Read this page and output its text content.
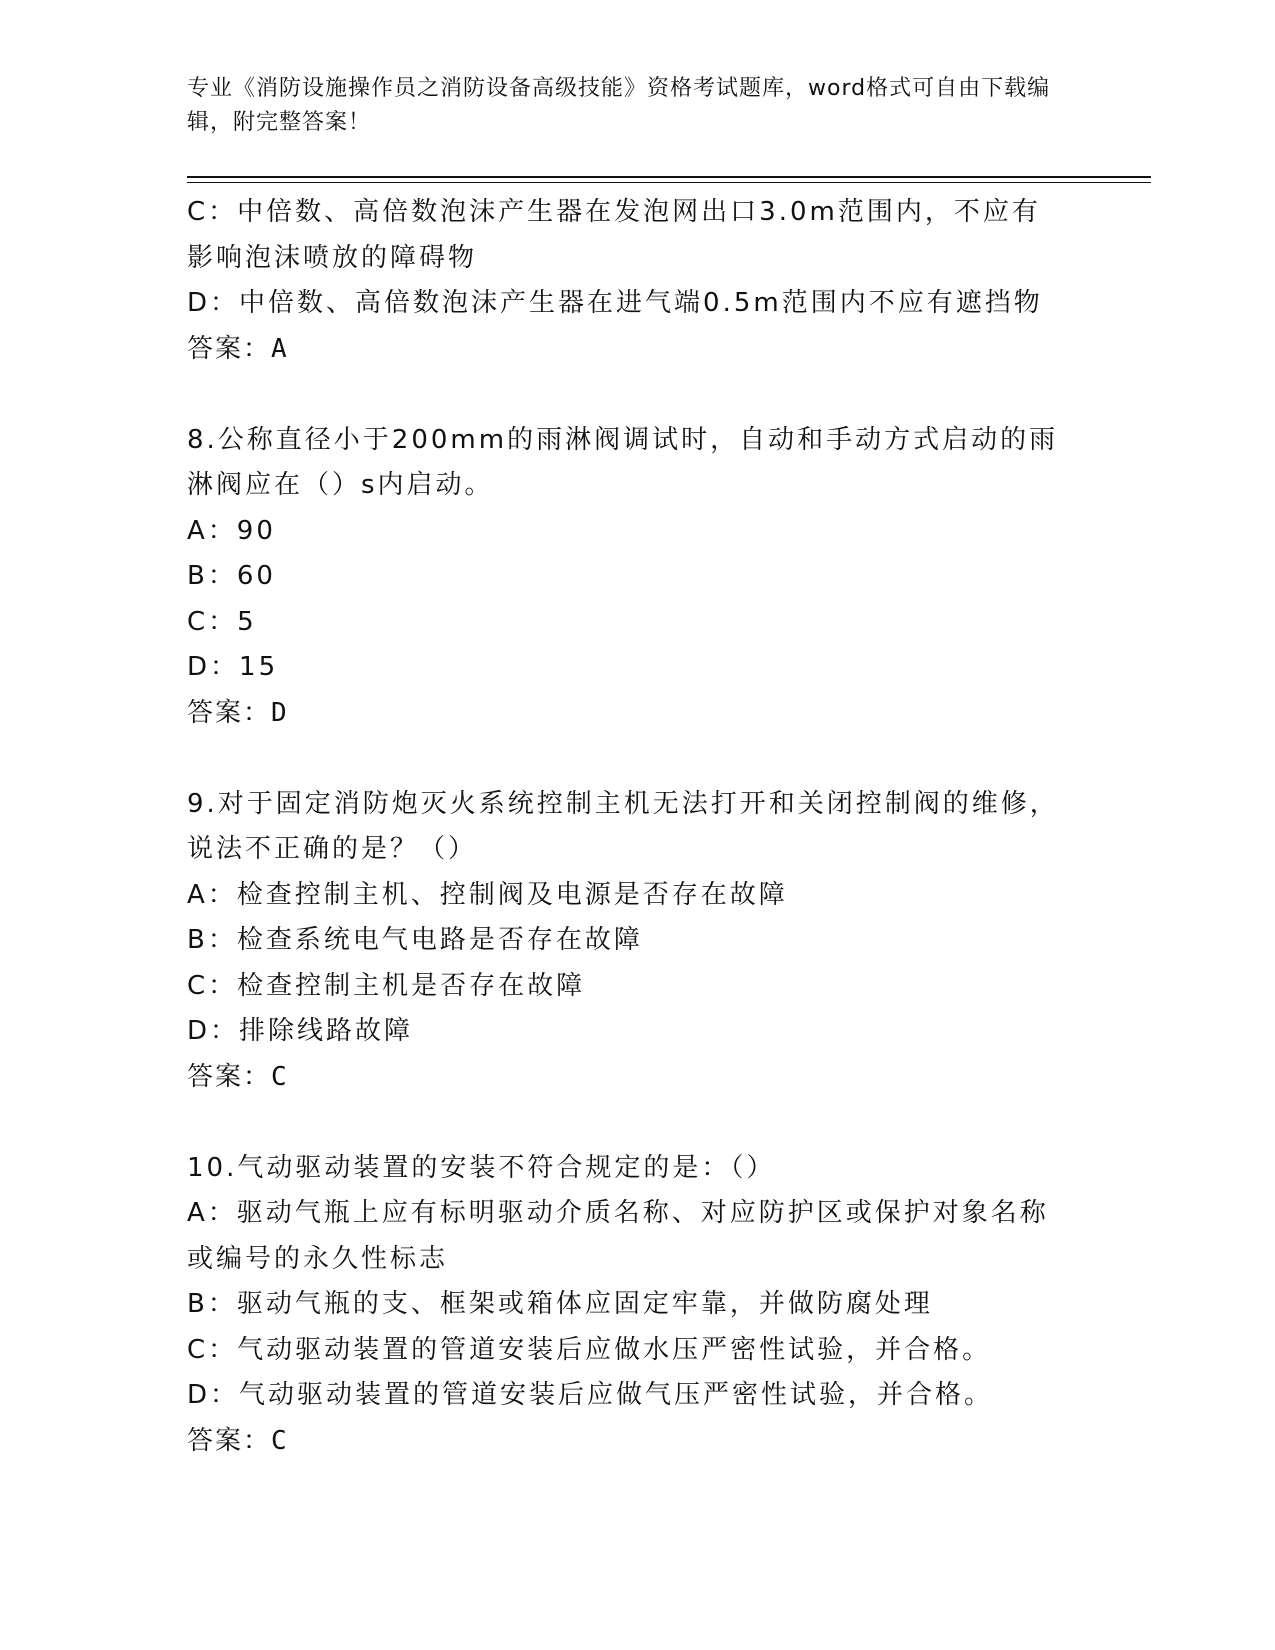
专业《消防设施操作员之消防设备高级技能》资格考试题库，word格式可自由下载编辑，附完整答案！

C：中倍数、高倍数泡沫产生器在发泡网出口3.0m范围内，不应有影响泡沫喷放的障碍物

D：中倍数、高倍数泡沫产生器在进气端0.5m范围内不应有遮挡物

答案：A

8.公称直径小于200mm的雨淋阀调试时，自动和手动方式启动的雨淋阀应在（）s内启动。

A：90

B：60

C：5

D：15

答案：D

9.对于固定消防炮灭火系统控制主机无法打开和关闭控制阀的维修，说法不正确的是？（）

A：检查控制主机、控制阀及电源是否存在故障

B：检查系统电气电路是否存在故障

C：检查控制主机是否存在故障

D：排除线路故障

答案：C

10.气动驱动装置的安装不符合规定的是：（）

A：驱动气瓶上应有标明驱动介质名称、对应防护区或保护对象名称或编号的永久性标志

B：驱动气瓶的支、框架或箱体应固定牢靠，并做防腐处理

C：气动驱动装置的管道安装后应做水压严密性试验，并合格。

D：气动驱动装置的管道安装后应做气压严密性试验，并合格。

答案：C
